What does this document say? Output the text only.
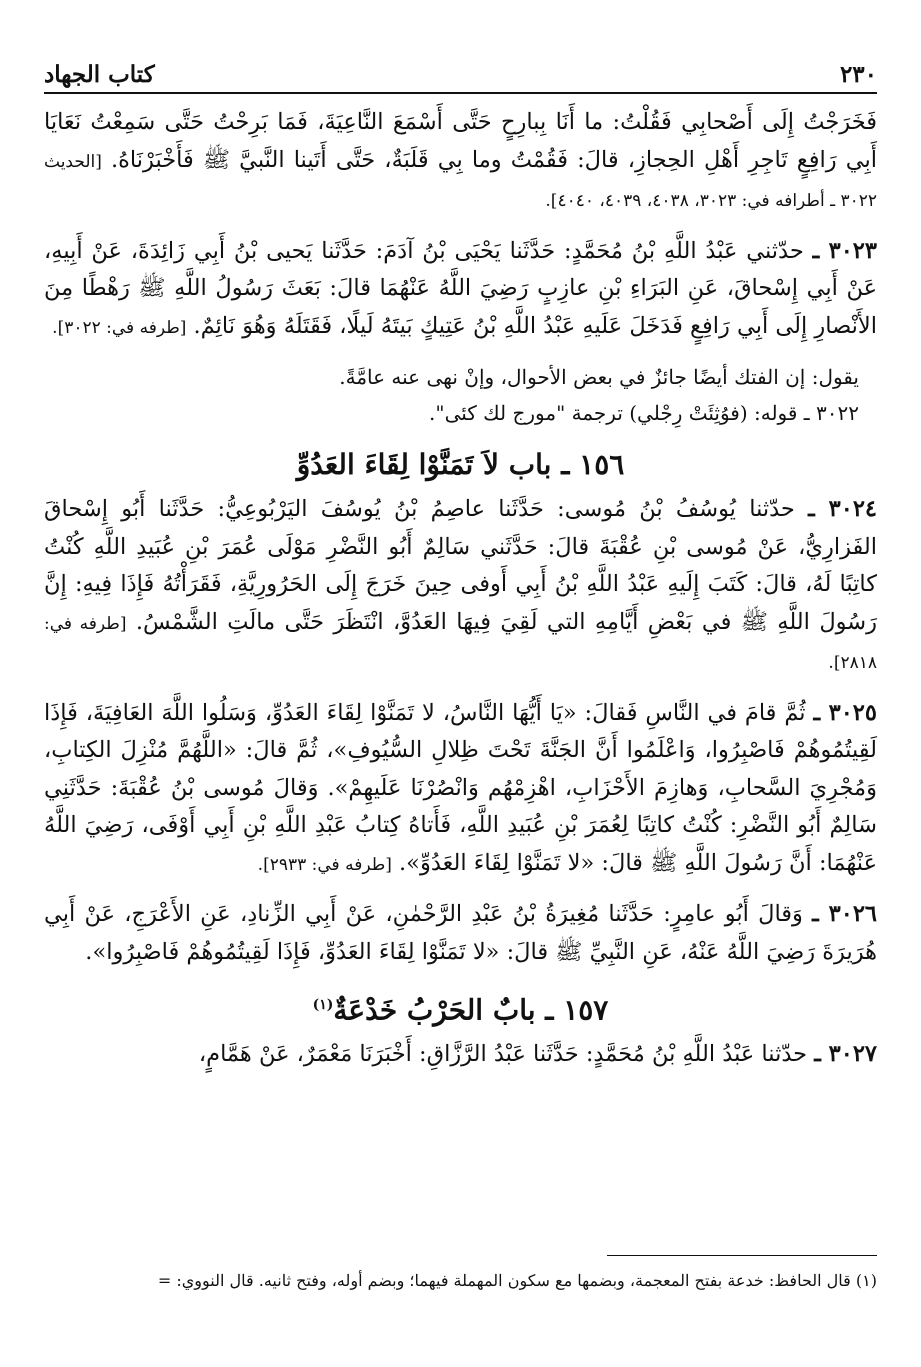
٢٣٠
كتاب الجهاد

فَخَرَجْتُ إِلَى أَصْحابِي فَقُلْتُ: ما أَنَا بِبارِحٍ حَتَّى أَسْمَعَ النَّاعِيَةَ، فَمَا بَرِحْتُ حَتَّى سَمِعْتُ نَعَايَا أَبِي رَافِعٍ تَاجِرِ أَهْلِ الحِجازِ، قالَ: فَقُمْتُ وما بِي قَلَبَةٌ، حَتَّى أَتَينا النَّبيَّ ﷺ فَأَخْبَرْنَاهُ. [الحديث ٣٠٢٢ ـ أطرافه في: ٣٠٢٣، ٤٠٣٨، ٤٠٣٩، ٤٠٤٠].

٣٠٢٣ ـ حدّثني عَبْدُ اللَّهِ بْنُ مُحَمَّدٍ: حَدَّثَنا يَحْيَى بْنُ آدَمَ: حَدَّثَنا يَحيى بْنُ أَبِي زَائِدَةَ، عَنْ أَبِيهِ، عَنْ أَبِي إِسْحاقَ، عَنِ البَرَاءِ بْنِ عازِبٍ رَضِيَ اللَّهُ عَنْهُمَا قالَ: بَعَثَ رَسُولُ اللَّهِ ﷺ رَهْطًا مِنَ الأَنْصارِ إِلَى أَبِي رَافِعٍ فَدَخَلَ عَلَيهِ عَبْدُ اللَّهِ بْنُ عَتِيكٍ بَيتَهُ لَيلًا، فَقَتَلَهُ وَهُوَ نَائِمٌ. [طرفه في: ٣٠٢٢].

يقول: إن الفتك أيضًا جائزٌ في بعض الأحوال، وإنْ نهى عنه عامَّةً.

٣٠٢٢ ـ قوله: (فوُثِئَتْ رِجْلي) ترجمة "مورج لك كئى".

١٥٦ ـ باب لاَ تَمَنَّوْا لِقَاءَ العَدُوِّ

٣٠٢٤ ـ حدّثنا يُوسُفُ بْنُ مُوسى: حَدَّثَنا عاصِمُ بْنُ يُوسُفَ اليَرْبُوعِيُّ: حَدَّثَنا أَبُو إِسْحاقَ الفَزارِيُّ، عَنْ مُوسى بْنِ عُقْبَةَ قالَ: حَدَّثَني سَالِمٌ أَبُو النَّضْرِ مَوْلَى عُمَرَ بْنِ عُبَيدِ اللَّهِ كُنْتُ كاتِبًا لَهُ، قالَ: كَتَبَ إِلَيهِ عَبْدُ اللَّهِ بْنُ أَبِي أَوفى حِينَ خَرَجَ إِلَى الحَرُورِيَّةِ، فَقَرَأْتُهُ فَإِذَا فِيهِ: إِنَّ رَسُولَ اللَّهِ ﷺ في بَعْضِ أَيَّامِهِ التي لَقِيَ فِيهَا العَدُوَّ، انْتَظَرَ حَتَّى مالَتِ الشَّمْسُ. [طرفه في: ٢٨١٨].

٣٠٢٥ ـ ثُمَّ قامَ في النَّاسِ فَقالَ: «يَا أَيُّهَا النَّاسُ، لا تَمَنَّوْا لِقَاءَ العَدُوِّ، وَسَلُوا اللَّهَ العَافِيَةَ، فَإِذَا لَقِيتُمُوهُمْ فَاصْبِرُوا، وَاعْلَمُوا أَنَّ الجَنَّةَ تَحْتَ ظِلالِ السُّيُوفِ»، ثُمَّ قالَ: «اللَّهُمَّ مُنْزِلَ الكِتابِ، وَمُجْرِيَ السَّحابِ، وَهازِمَ الأَحْزَابِ، اهْزِمْهُم وَانْصُرْنَا عَلَيهِمْ». وَقالَ مُوسى بْنُ عُقْبَةَ: حَدَّثَنِي سَالِمٌ أَبُو النَّضْرِ: كُنْتُ كاتِبًا لِعُمَرَ بْنِ عُبَيدِ اللَّهِ، فَأَتاهُ كِتابُ عَبْدِ اللَّهِ بْنِ أَبِي أَوْفَى، رَضِيَ اللَّهُ عَنْهُمَا: أَنَّ رَسُولَ اللَّهِ ﷺ قالَ: «لا تَمَنَّوْا لِقَاءَ العَدُوِّ». [طرفه في: ٢٩٣٣].

٣٠٢٦ ـ وَقالَ أَبُو عامِرٍ: حَدَّثَنا مُغِيرَةُ بْنُ عَبْدِ الرَّحْمٰنِ، عَنْ أَبِي الزِّنادِ، عَنِ الأَعْرَجِ، عَنْ أَبِي هُرَيرَةَ رَضِيَ اللَّهُ عَنْهُ، عَنِ النَّبِيِّ ﷺ قالَ: «لا تَمَنَّوْا لِقَاءَ العَدُوِّ، فَإِذَا لَقِيتُمُوهُمْ فَاصْبِرُوا».

١٥٧ ـ بابٌ الحَرْبُ خَدْعَةٌ$^{(١)}$

٣٠٢٧ ـ حدّثنا عَبْدُ اللَّهِ بْنُ مُحَمَّدٍ: حَدَّثَنا عَبْدُ الرَّزَّاقِ: أَخْبَرَنَا مَعْمَرٌ، عَنْ هَمَّامٍ،

(١) قال الحافظ: خدعة بفتح المعجمة، وبضمها مع سكون المهملة فيهما؛ وبضم أوله، وفتح ثانيه. قال النووي: =
